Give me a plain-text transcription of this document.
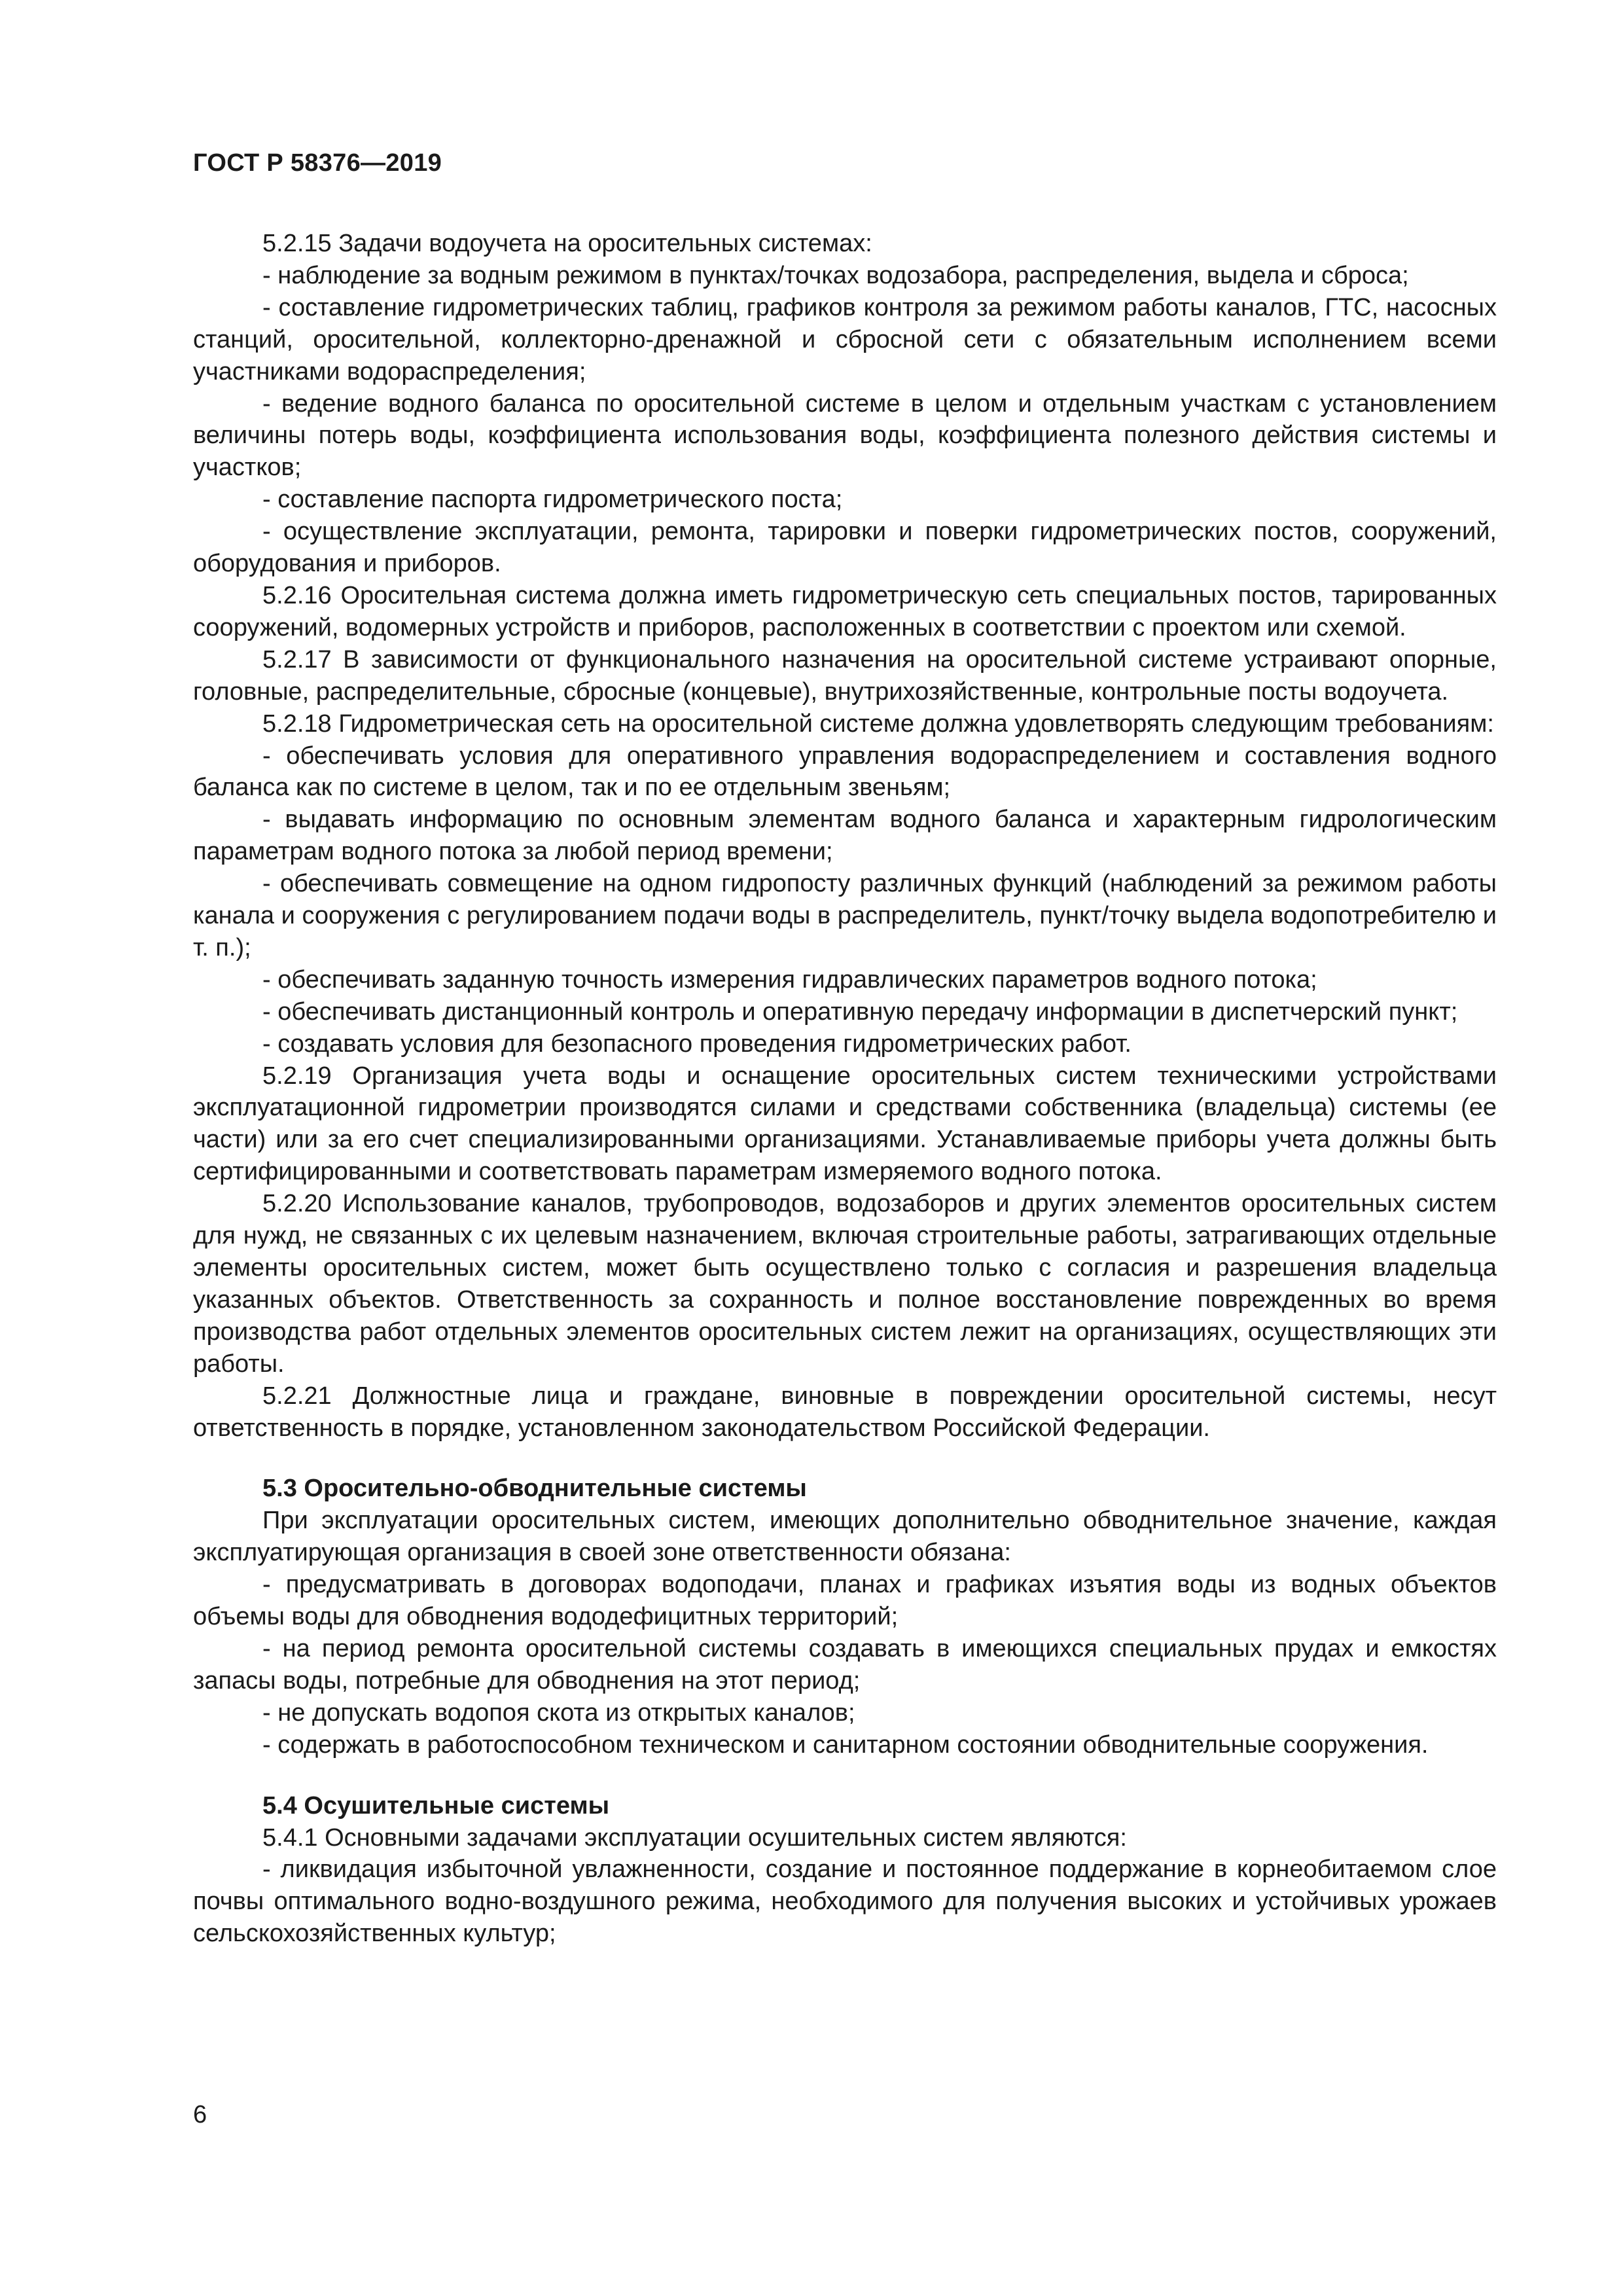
ГОСТ Р 58376—2019

5.2.15 Задачи водоучета на оросительных системах:

- наблюдение за водным режимом в пунктах/точках водозабора, распределения, выдела и сброса;

- составление гидрометрических таблиц, графиков контроля за режимом работы каналов, ГТС, насосных станций, оросительной, коллекторно-дренажной и сбросной сети с обязательным исполнением всеми участниками водораспределения;

- ведение водного баланса по оросительной системе в целом и отдельным участкам с установлением величины потерь воды, коэффициента использования воды, коэффициента полезного действия системы и участков;

- составление паспорта гидрометрического поста;

- осуществление эксплуатации, ремонта, тарировки и поверки гидрометрических постов, сооружений, оборудования и приборов.

5.2.16 Оросительная система должна иметь гидрометрическую сеть специальных постов, тарированных сооружений, водомерных устройств и приборов, расположенных в соответствии с проектом или схемой.

5.2.17 В зависимости от функционального назначения на оросительной системе устраивают опорные, головные, распределительные, сбросные (концевые), внутрихозяйственные, контрольные посты водоучета.

5.2.18 Гидрометрическая сеть на оросительной системе должна удовлетворять следующим требованиям:

- обеспечивать условия для оперативного управления водораспределением и составления водного баланса как по системе в целом, так и по ее отдельным звеньям;

- выдавать информацию по основным элементам водного баланса и характерным гидрологическим параметрам водного потока за любой период времени;

- обеспечивать совмещение на одном гидропосту различных функций (наблюдений за режимом работы канала и сооружения с регулированием подачи воды в распределитель, пункт/точку выдела водопотребителю и т. п.);

- обеспечивать заданную точность измерения гидравлических параметров водного потока;

- обеспечивать дистанционный контроль и оперативную передачу информации в диспетчерский пункт;

- создавать условия для безопасного проведения гидрометрических работ.

5.2.19 Организация учета воды и оснащение оросительных систем техническими устройствами эксплуатационной гидрометрии производятся силами и средствами собственника (владельца) системы (ее части) или за его счет специализированными организациями. Устанавливаемые приборы учета должны быть сертифицированными и соответствовать параметрам измеряемого водного потока.

5.2.20 Использование каналов, трубопроводов, водозаборов и других элементов оросительных систем для нужд, не связанных с их целевым назначением, включая строительные работы, затрагивающих отдельные элементы оросительных систем, может быть осуществлено только с согласия и разрешения владельца указанных объектов. Ответственность за сохранность и полное восстановление поврежденных во время производства работ отдельных элементов оросительных систем лежит на организациях, осуществляющих эти работы.

5.2.21 Должностные лица и граждане, виновные в повреждении оросительной системы, несут ответственность в порядке, установленном законодательством Российской Федерации.

5.3 Оросительно-обводнительные системы

При эксплуатации оросительных систем, имеющих дополнительно обводнительное значение, каждая эксплуатирующая организация в своей зоне ответственности обязана:

- предусматривать в договорах водоподачи, планах и графиках изъятия воды из водных объектов объемы воды для обводнения вододефицитных территорий;

- на период ремонта оросительной системы создавать в имеющихся специальных прудах и емкостях запасы воды, потребные для обводнения на этот период;

- не допускать водопоя скота из открытых каналов;

- содержать в работоспособном техническом и санитарном состоянии обводнительные сооружения.

5.4 Осушительные системы

5.4.1 Основными задачами эксплуатации осушительных систем являются:

- ликвидация избыточной увлажненности, создание и постоянное поддержание в корнеобитаемом слое почвы оптимального водно-воздушного режима, необходимого для получения высоких и устойчивых урожаев сельскохозяйственных культур;

6
